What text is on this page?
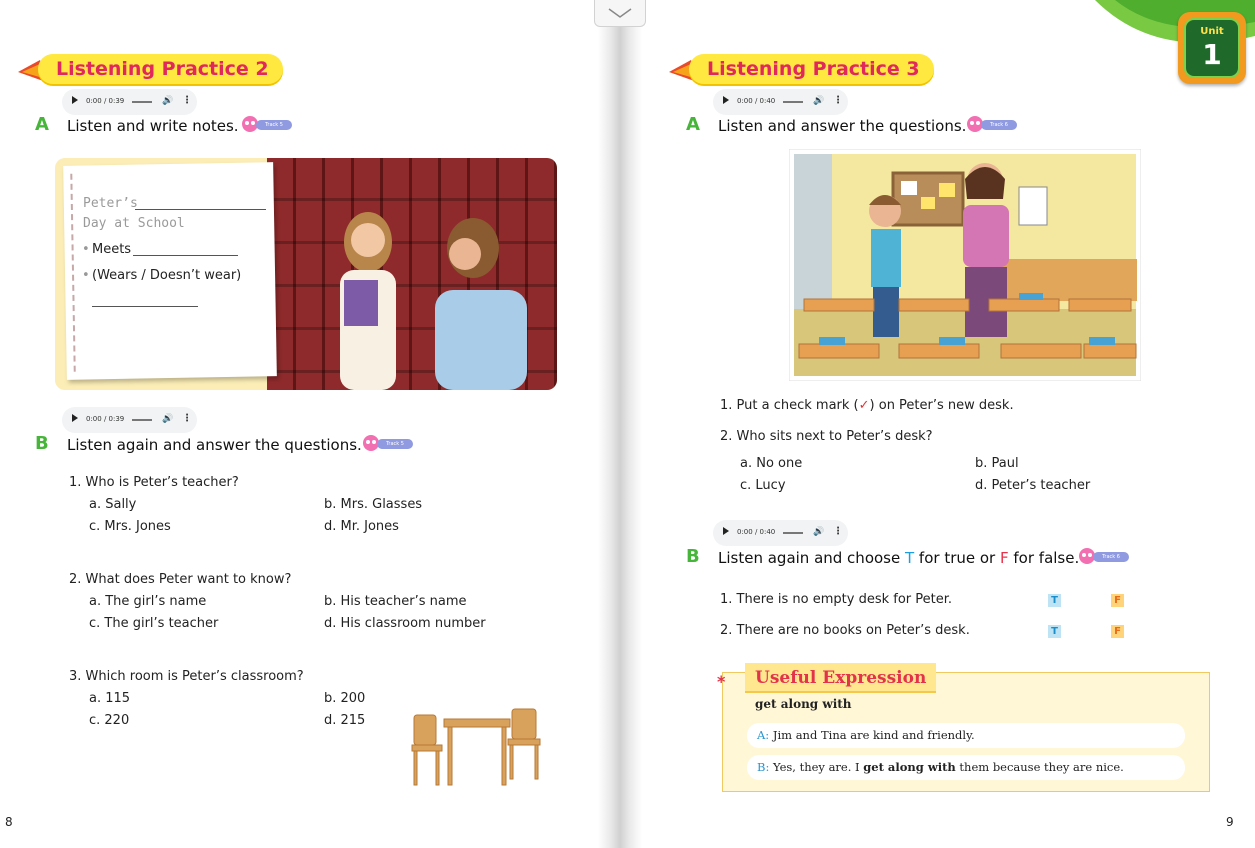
Listening Practice 2
0:00 / 0:39	🔊 ⋮
A Listen and write notes.	Track 5
Peter’s
Day at School
• Meets
• (Wears / Doesn’t wear)
0:00 / 0:39	🔊 ⋮
B Listen again and answer the questions.	Track 5
1. Who is Peter’s teacher?
a. Sally	b. Mrs. Glasses
c. Mrs. Jones	d. Mr. Jones
2. What does Peter want to know?
a. The girl’s name	b. His teacher’s name
c. The girl’s teacher	d. His classroom number
3. Which room is Peter’s classroom?
a. 115	b. 200
c. 220	d. 215
8
Unit
1
Listening Practice 3
0:00 / 0:40	🔊 ⋮
A Listen and answer the questions.	Track 6
1. Put a check mark (✓) on Peter’s new desk.
2. Who sits next to Peter’s desk?
a. No one	b. Paul
c. Lucy	d. Peter’s teacher
0:00 / 0:40	🔊 ⋮
B Listen again and choose T for true or F for false.	Track 6
1. There is no empty desk for Peter.	T	F
2. There are no books on Peter’s desk.	T	F
*	Useful Expression
get along with
A: Jim and Tina are kind and friendly.
B: Yes, they are. I get along with them because they are nice.
9
